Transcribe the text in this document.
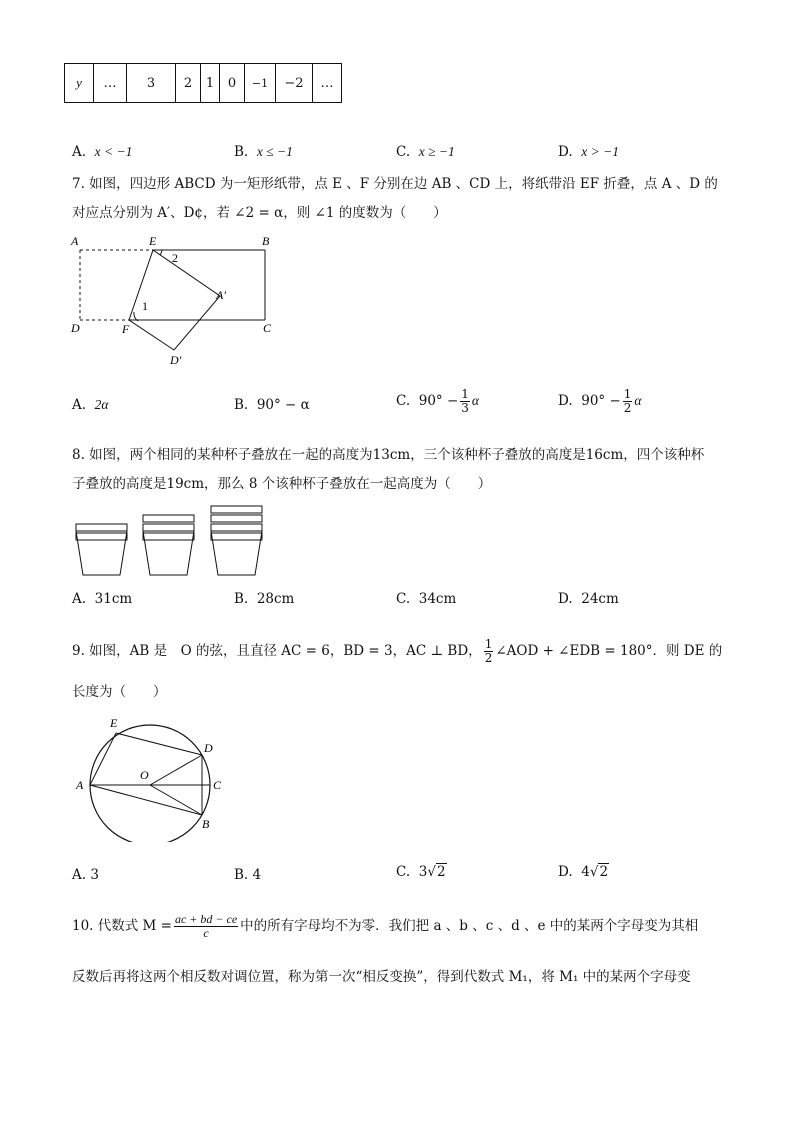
y	…	3	2	1	0	−1	−2	…
A. x < −1	B. x ≤ −1	C. x ≥ −1	D. x > −1
7. 如图，四边形 ABCD 为一矩形纸带，点 E 、F 分别在边 AB 、CD 上，将纸带沿 EF 折叠，点 A 、D 的
对应点分别为 A′、D¢，若 ∠2 = α，则 ∠1 的度数为（　　）
A	E	B
2
A′
1
D	F	C
D′
A. 2α	B. 90° − α	C. $90^\circ - \frac{1}{3}$ α	D. $90^\circ - \frac{1}{2}$ α
8. 如图，两个相同的某种杯子叠放在一起的高度为13cm，三个该种杯子叠放的高度是16cm，四个该种杯
子叠放的高度是19cm，那么 8 个该种杯子叠放在一起高度为（　　）
A. 31cm	B. 28cm	C. 34cm	D. 24cm
9. 如图，AB 是　O 的弦，且直径 AC = 6，BD = 3，AC ⊥ BD， $\frac{1}{2}$ ∠AOD + ∠EDB = 180°．则 DE 的
长度为（　　）
E
D
O
A	C
B
A. 3	B. 4	C. 3√2	D. 4√2
10. 代数式 $M = \frac{ac + bd - ce}{c}$ 中的所有字母均不为零．我们把 a 、b 、c 、d 、e 中的某两个字母变为其相
反数后再将这两个相反数对调位置，称为第一次“相反变换”，得到代数式 M₁，将 M₁ 中的某两个字母变
